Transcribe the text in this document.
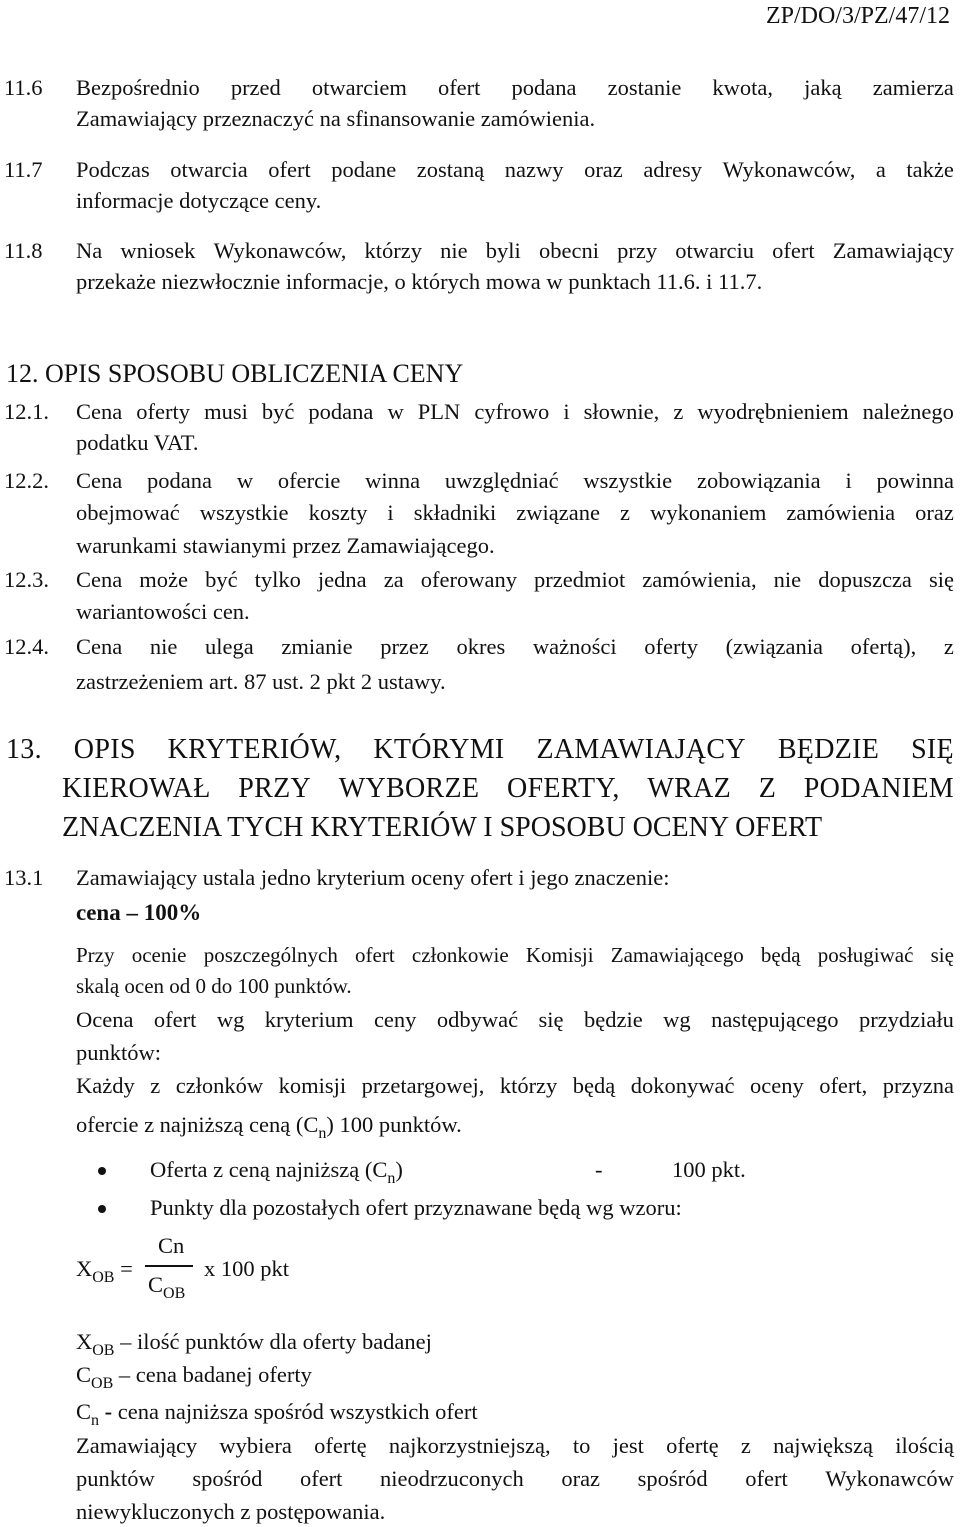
ZP/DO/3/PZ/47/12
11.6 Bezpośrednio przed otwarciem ofert podana zostanie kwota, jaką zamierza
Zamawiający przeznaczyć na sfinansowanie zamówienia.
11.7 Podczas otwarcia ofert podane zostaną nazwy oraz adresy Wykonawców, a także
informacje dotyczące ceny.
11.8 Na wniosek Wykonawców, którzy nie byli obecni przy otwarciu ofert Zamawiający
przekaże niezwłocznie informacje, o których mowa w punktach 11.6. i 11.7.
12. OPIS SPOSOBU OBLICZENIA CENY
12.1. Cena oferty musi być podana w PLN cyfrowo i słownie, z wyodrębnieniem należnego
podatku VAT.
12.2. Cena podana w ofercie winna uwzględniać wszystkie zobowiązania i powinna
obejmować wszystkie koszty i składniki związane z wykonaniem zamówienia oraz
warunkami stawianymi przez Zamawiającego.
12.3. Cena może być tylko jedna za oferowany przedmiot zamówienia, nie dopuszcza się
wariantowości cen.
12.4. Cena nie ulega zmianie przez okres ważności oferty (związania ofertą), z
zastrzeżeniem art. 87 ust. 2 pkt 2 ustawy.
13. OPIS KRYTERIÓW, KTÓRYMI ZAMAWIAJĄCY BĘDZIE SIĘ
KIEROWAŁ PRZY WYBORZE OFERTY, WRAZ Z PODANIEM
ZNACZENIA TYCH KRYTERIÓW I SPOSOBU OCENY OFERT
13.1 Zamawiający ustala jedno kryterium oceny ofert i jego znaczenie:
cena – 100%
Przy ocenie poszczególnych ofert członkowie Komisji Zamawiającego będą posługiwać się
skalą ocen od 0 do 100 punktów.
Ocena ofert wg kryterium ceny odbywać się będzie wg następującego przydziału
punktów:
Każdy z członków komisji przetargowej, którzy będą dokonywać oceny ofert, przyzna
ofercie z najniższą ceną $(C_n)$ 100 punktów.
Oferta z ceną najniższą $(C_n)$	-	100 pkt.
Punkty dla pozostałych ofert przyznawane będą wg wzoru:
$X_{OB}$ =
Cn
$C_{OB}$
x 100 pkt
$X_{OB}$ – ilość punktów dla oferty badanej
$C_{OB}$ – cena badanej oferty
$C_n$ - cena najniższa spośród wszystkich ofert
Zamawiający wybiera ofertę najkorzystniejszą, to jest ofertę z największą ilością
punktów spośród ofert nieodrzuconych oraz spośród ofert Wykonawców
niewykluczonych z postępowania.
